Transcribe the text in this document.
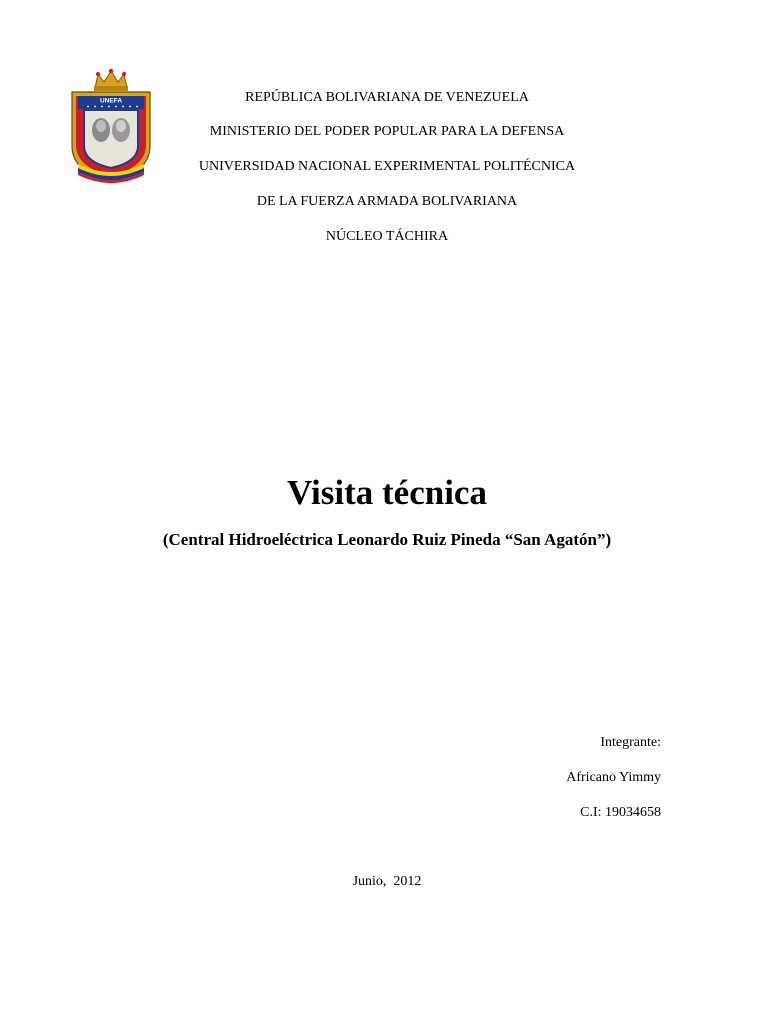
UNEFA	REPÚBLICA BOLIVARIANA DE VENEZUELA
MINISTERIO DEL PODER POPULAR PARA LA DEFENSA
UNIVERSIDAD NACIONAL EXPERIMENTAL POLITÉCNICA
DE LA FUERZA ARMADA BOLIVARIANA
NÚCLEO TÁCHIRA
Visita técnica
(Central Hidroeléctrica Leonardo Ruiz Pineda “San Agatón”)
Integrante:
Africano Yimmy
C.I: 19034658
Junio,  2012
